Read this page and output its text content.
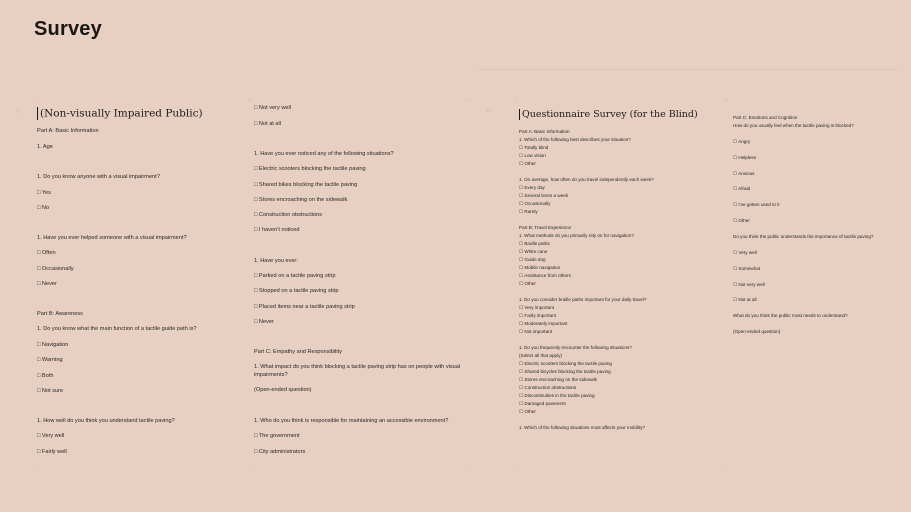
Survey
∷	∷
⌐	¬	¬	⌐
└	┘	┘	└
¬
┘
(Non-visually Impaired Public)
Part A: Basic Information
1. Age
1. Do you know anyone with a visual impairment?
□ Yes
□ No
1. Have you ever helped someone with a visual impairment?
□ Often
□ Occasionally
□ Never
Part B: Awareness
1. Do you know what the main function of a tactile guide path is?
□ Navigation
□ Warning
□ Both
□ Not sure
1. How well do you think you understand tactile paving?
□ Very well
□ Fairly well
□ Not very well
□ Not at all
1. Have you ever noticed any of the following situations?
□ Electric scooters blocking the tactile paving
□ Shared bikes blocking the tactile paving
□ Stores encroaching on the sidewalk
□ Construction obstructions
□ I haven't noticed
1. Have you ever:
□ Parked on a tactile paving strip
□ Stopped on a tactile paving strip
□ Placed items near a tactile paving strip
□ Never
Part C: Empathy and Responsibility
1. What impact do you think blocking a tactile paving strip has on people with visual
impairments?
(Open-ended question)
1. Who do you think is responsible for maintaining an accessible environment?
□ The government
□ City administrators
Questionnaire Survey (for the Blind)
Part A: Basic Information
1. Which of the following best describes your situation?
☐ Totally blind
☐ Low vision
☐ Other
1. On average, how often do you travel independently each week?
☐ Every day
☐ Several times a week
☐ Occasionally
☐ Rarely
Part B: Travel Experience
1. What methods do you primarily rely on for navigation?
☐ Braille paths
☐ White cane
☐ Guide dog
☐ Mobile navigation
☐ Assistance from others
☐ Other
1. Do you consider braille paths important for your daily travel?
☐ Very important
☐ Fairly important
☐ Moderately important
☐ Not important
1. Do you frequently encounter the following situations?
(Select all that apply)
☐ Electric scooters blocking the tactile paving
☐ Shared bicycles blocking the tactile paving
☐ Stores encroaching on the sidewalk
☐ Construction obstructions
☐ Discontinuities in the tactile paving
☐ Damaged pavement
☐ Other
1. Which of the following situations most affects your mobility?
Part C: Emotions and Cognition
How do you usually feel when the tactile paving is blocked?
☐ Angry
☐ Helpless
☐ Anxious
☐ Afraid
☐ I’ve gotten used to it
☐ Other
Do you think the public understands the importance of tactile paving?
☐ Very well
☐ Somewhat
☐ Not very well
☐ Not at all
What do you think the public most needs to understand?
(Open-ended question)
